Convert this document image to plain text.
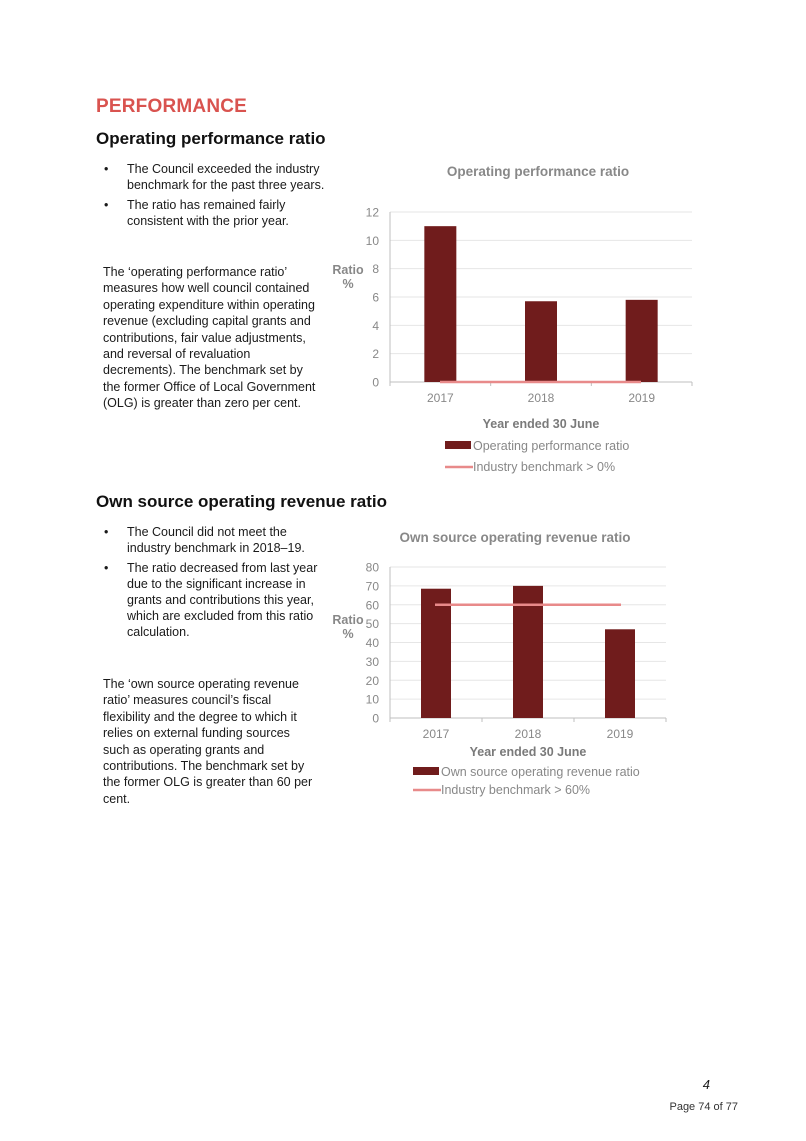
PERFORMANCE
Operating performance ratio
• The Council exceeded the industry benchmark for the past three years.
• The ratio has remained fairly consistent with the prior year.

The ‘operating performance ratio’ measures how well council contained operating expenditure within operating revenue (excluding capital grants and contributions, fair value adjustments, and reversal of revaluation decrements). The benchmark set by the former Office of Local Government (OLG) is greater than zero per cent.

Own source operating revenue ratio
• The Council did not meet the industry benchmark in 2018–19.
• The ratio decreased from last year due to the significant increase in grants and contributions this year, which are excluded from this ratio calculation.

The ‘own source operating revenue ratio’ measures council’s fiscal flexibility and the degree to which it relies on external funding sources such as operating grants and contributions. The benchmark set by the former OLG is greater than 60 per cent.

Operating performance ratio
0
2
4
6
8
10
12
Ratio
%
2017	2018	2019
Year ended 30 June
Operating performance ratio
Industry benchmark > 0%
Own source operating revenue ratio
0
10
20
30
40
50
60
70
80
Ratio
%
2017	2018	2019
Year ended 30 June
Own source operating revenue ratio
Industry benchmark > 60%
4
Page 74 of 77
